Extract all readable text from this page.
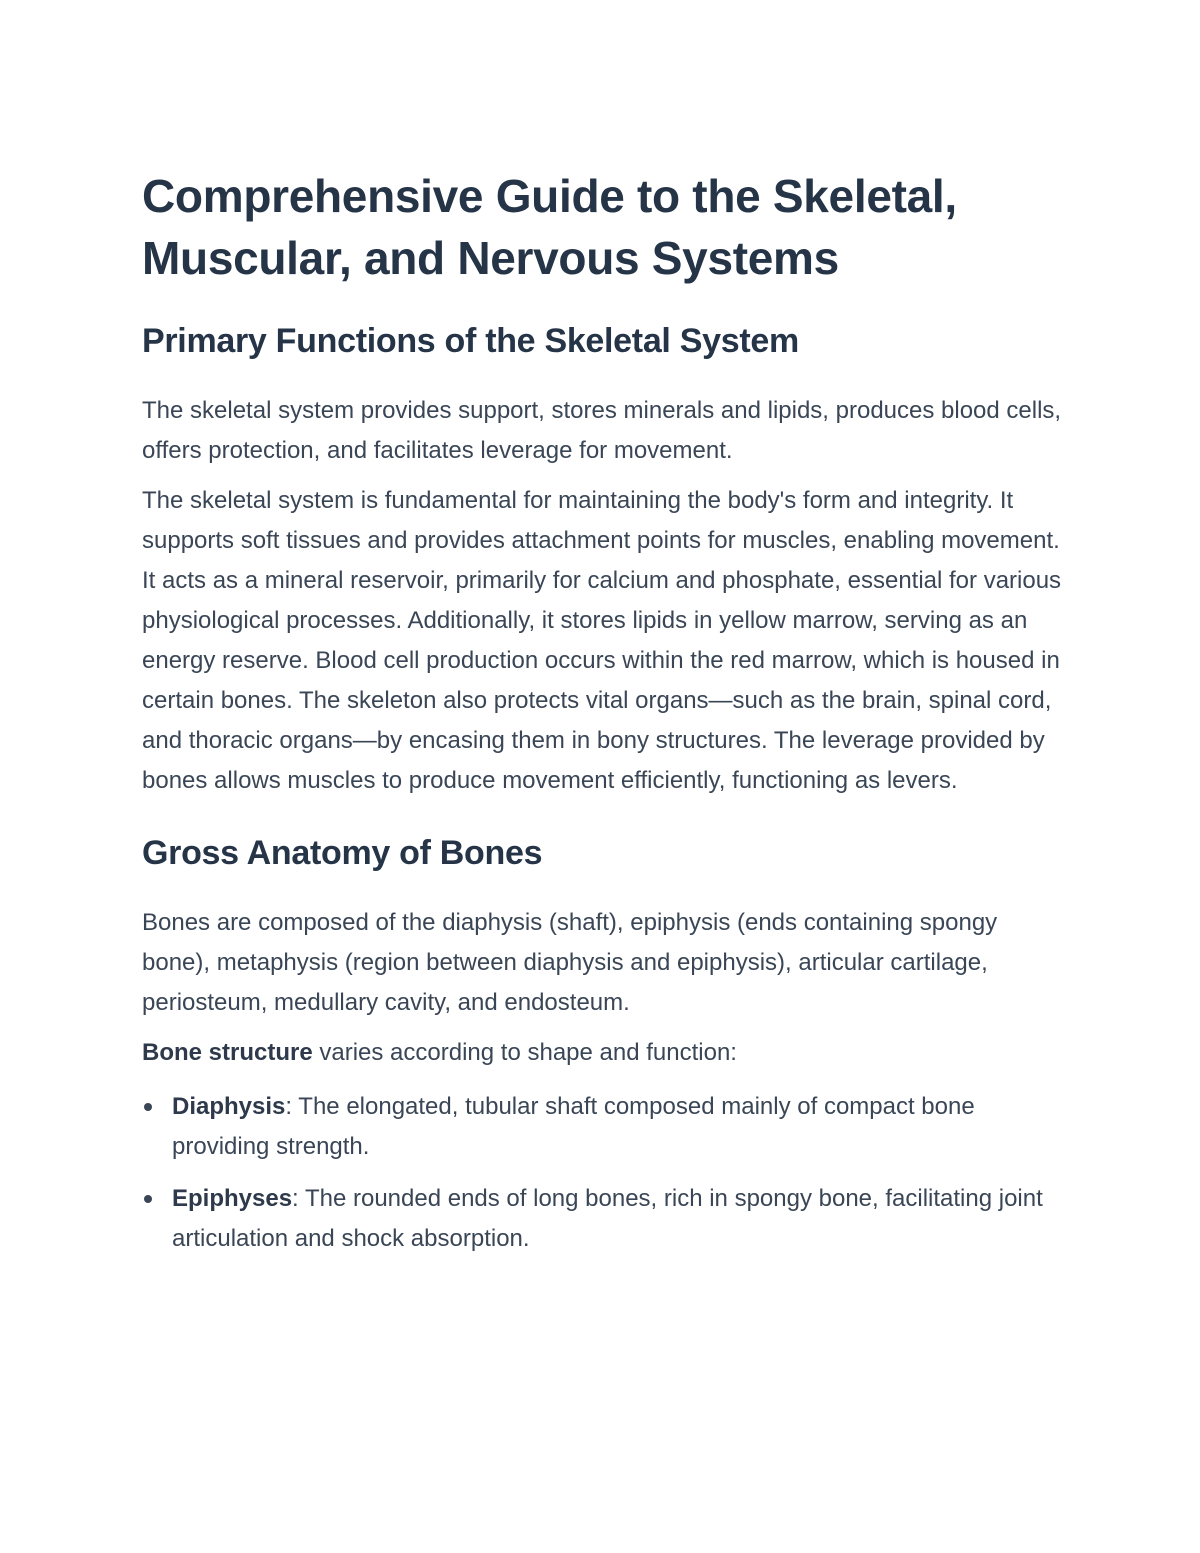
Comprehensive Guide to the Skeletal, Muscular, and Nervous Systems
Primary Functions of the Skeletal System

The skeletal system provides support, stores minerals and lipids, produces blood cells, offers protection, and facilitates leverage for movement.

The skeletal system is fundamental for maintaining the body's form and integrity. It supports soft tissues and provides attachment points for muscles, enabling movement. It acts as a mineral reservoir, primarily for calcium and phosphate, essential for various physiological processes. Additionally, it stores lipids in yellow marrow, serving as an energy reserve. Blood cell production occurs within the red marrow, which is housed in certain bones. The skeleton also protects vital organs—such as the brain, spinal cord, and thoracic organs—by encasing them in bony structures. The leverage provided by bones allows muscles to produce movement efficiently, functioning as levers.

Gross Anatomy of Bones

Bones are composed of the diaphysis (shaft), epiphysis (ends containing spongy bone), metaphysis (region between diaphysis and epiphysis), articular cartilage, periosteum, medullary cavity, and endosteum.

Bone structure varies according to shape and function:

Diaphysis: The elongated, tubular shaft composed mainly of compact bone providing strength.
Epiphyses: The rounded ends of long bones, rich in spongy bone, facilitating joint articulation and shock absorption.
